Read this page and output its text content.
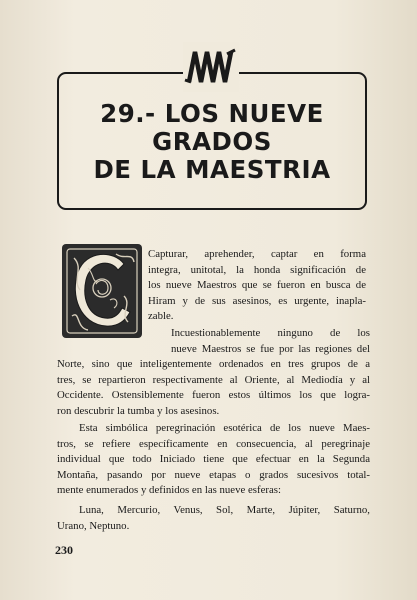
29.- LOS NUEVE
GRADOS
DE LA MAESTRIA
Capturar, aprehender, captar en forma
integra, unitotal, la honda significación de
los nueve Maestros que se fueron en busca de
Hiram y de sus asesinos, es urgente, inapla-
zable.
Incuestionablemente ninguno de los
nueve Maestros se fue por las regiones del
Norte, sino que inteligentemente ordenados en tres grupos de a
tres, se repartieron respectivamente al Oriente, al Mediodía y al
Occidente. Ostensiblemente fueron estos últimos los que logra-
ron descubrir la tumba y los asesinos.
Esta simbólica peregrinación esotérica de los nueve Maes-
tros, se refiere específicamente en consecuencia, al peregrinaje
individual que todo Iniciado tiene que efectuar en la Segunda
Montaña, pasando por nueve etapas o grados sucesivos total-
mente enumerados y definidos en las nueve esferas:
Luna, Mercurio, Venus, Sol, Marte, Júpiter, Saturno,
Urano, Neptuno.
230
